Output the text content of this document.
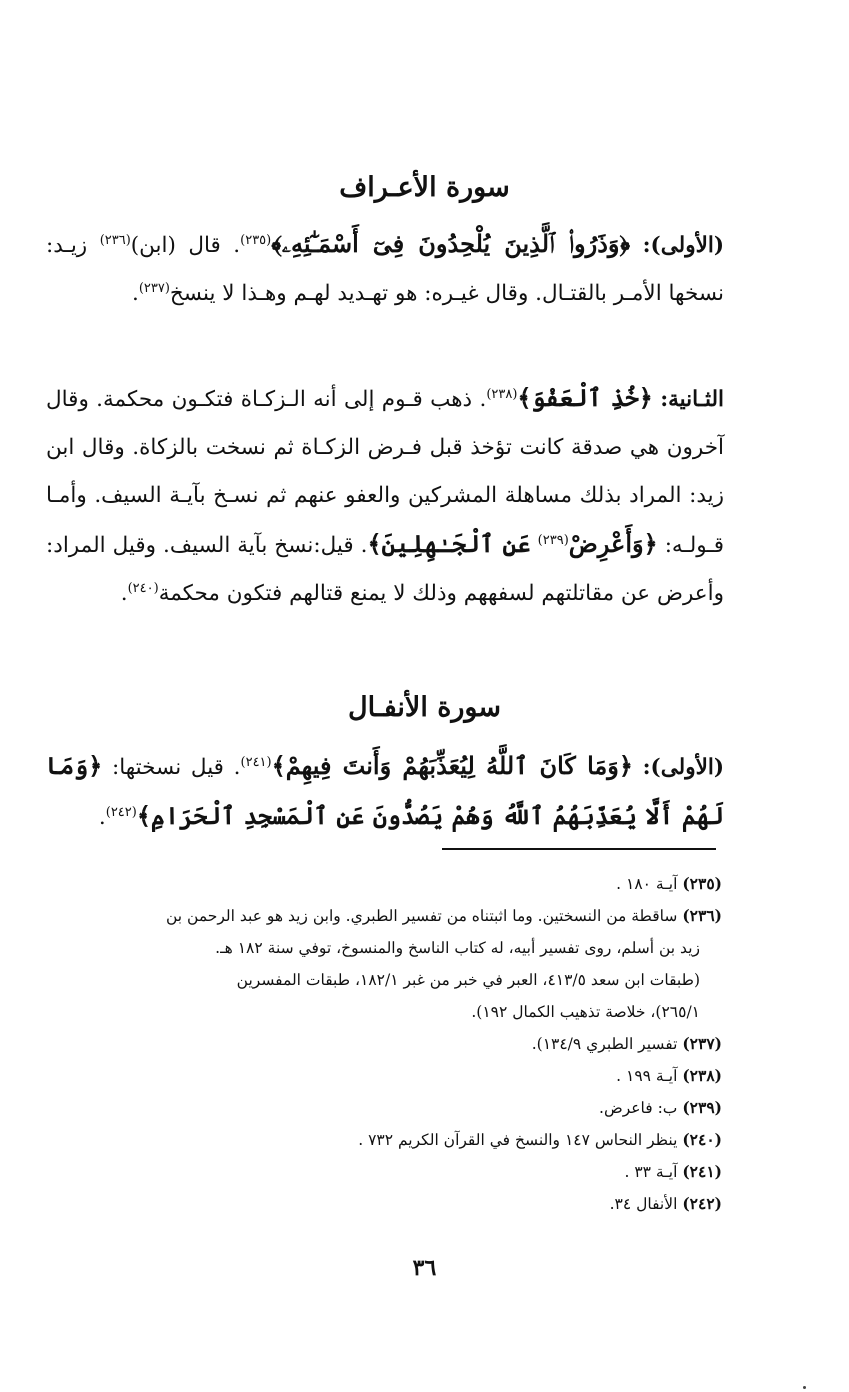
سورة الأعـراف

(الأولى): ﴿وَذَرُوا۟ ٱلَّذِينَ يُلْحِدُونَ فِىٓ أَسْمَـٰٓئِهِۦ﴾$^{(٢٣٥)}$. قال (ابن)$^{(٢٣٦)}$ زيـد: نسخها الأمـر بالقتـال. وقال غيـره: هو تهـديد لهـم وهـذا لا ينسخ$^{(٢٣٧)}$.

الثـانية: ﴿خُذِ ٱلْعَفْوَ﴾$^{(٢٣٨)}$. ذهب قـوم إلى أنه الـزكـاة فتكـون محكمة. وقال آخرون هي صدقة كانت تؤخذ قبل فـرض الزكـاة ثم نسخت بالزكاة. وقال ابن زيد: المراد بذلك مساهلة المشركين والعفو عنهم ثم نسـخ بآيـة السيف. وأمـا قـولـه: ﴿وَأَعْرِضْ$^{(٢٣٩)}$ عَنِ ٱلْجَـٰهِلِينَ﴾. قيل:نسخ بآية السيف. وقيل المراد: وأعرض عن مقاتلتهم لسفههم وذلك لا يمنع قتالهم فتكون محكمة$^{(٢٤٠)}$.

سورة الأنفـال

(الأولى): ﴿وَمَا كَانَ ٱللَّهُ لِيُعَذِّبَهُمْ وَأَنتَ فِيهِمْ﴾$^{(٢٤١)}$. قيل نسختها: ﴿وَمَا لَهُمْ أَلَّا يُعَذِّبَهُمُ ٱللَّهُ وَهُمْ يَصُدُّونَ عَنِ ٱلْمَسْجِدِ ٱلْحَرَامِ﴾$^{(٢٤٢)}$.

(٢٣٥) آيـة ١٨٠ .

(٢٣٦) ساقطة من النسختين. وما اثبتناه من تفسير الطبري. وابن زيد هو عبد الرحمن بن

زيد بن أسلم، روى تفسير أبيه، له كتاب الناسخ والمنسوخ، توفي سنة ١٨٢ هـ.

(طبقات ابن سعد ٤١٣/٥، العبر في خبر من غبر ١٨٢/١، طبقات المفسرين

٢٦٥/١)، خلاصة تذهيب الكمال ١٩٢).

(٢٣٧) تفسير الطبري ١٣٤/٩).

(٢٣٨) آيـة ١٩٩ .

(٢٣٩) ب: فاعرض.

(٢٤٠) ينظر النحاس ١٤٧ والنسخ في القرآن الكريم ٧٣٢ .

(٢٤١) آيـة ٣٣ .

(٢٤٢) الأنفال ٣٤.

٣٦
